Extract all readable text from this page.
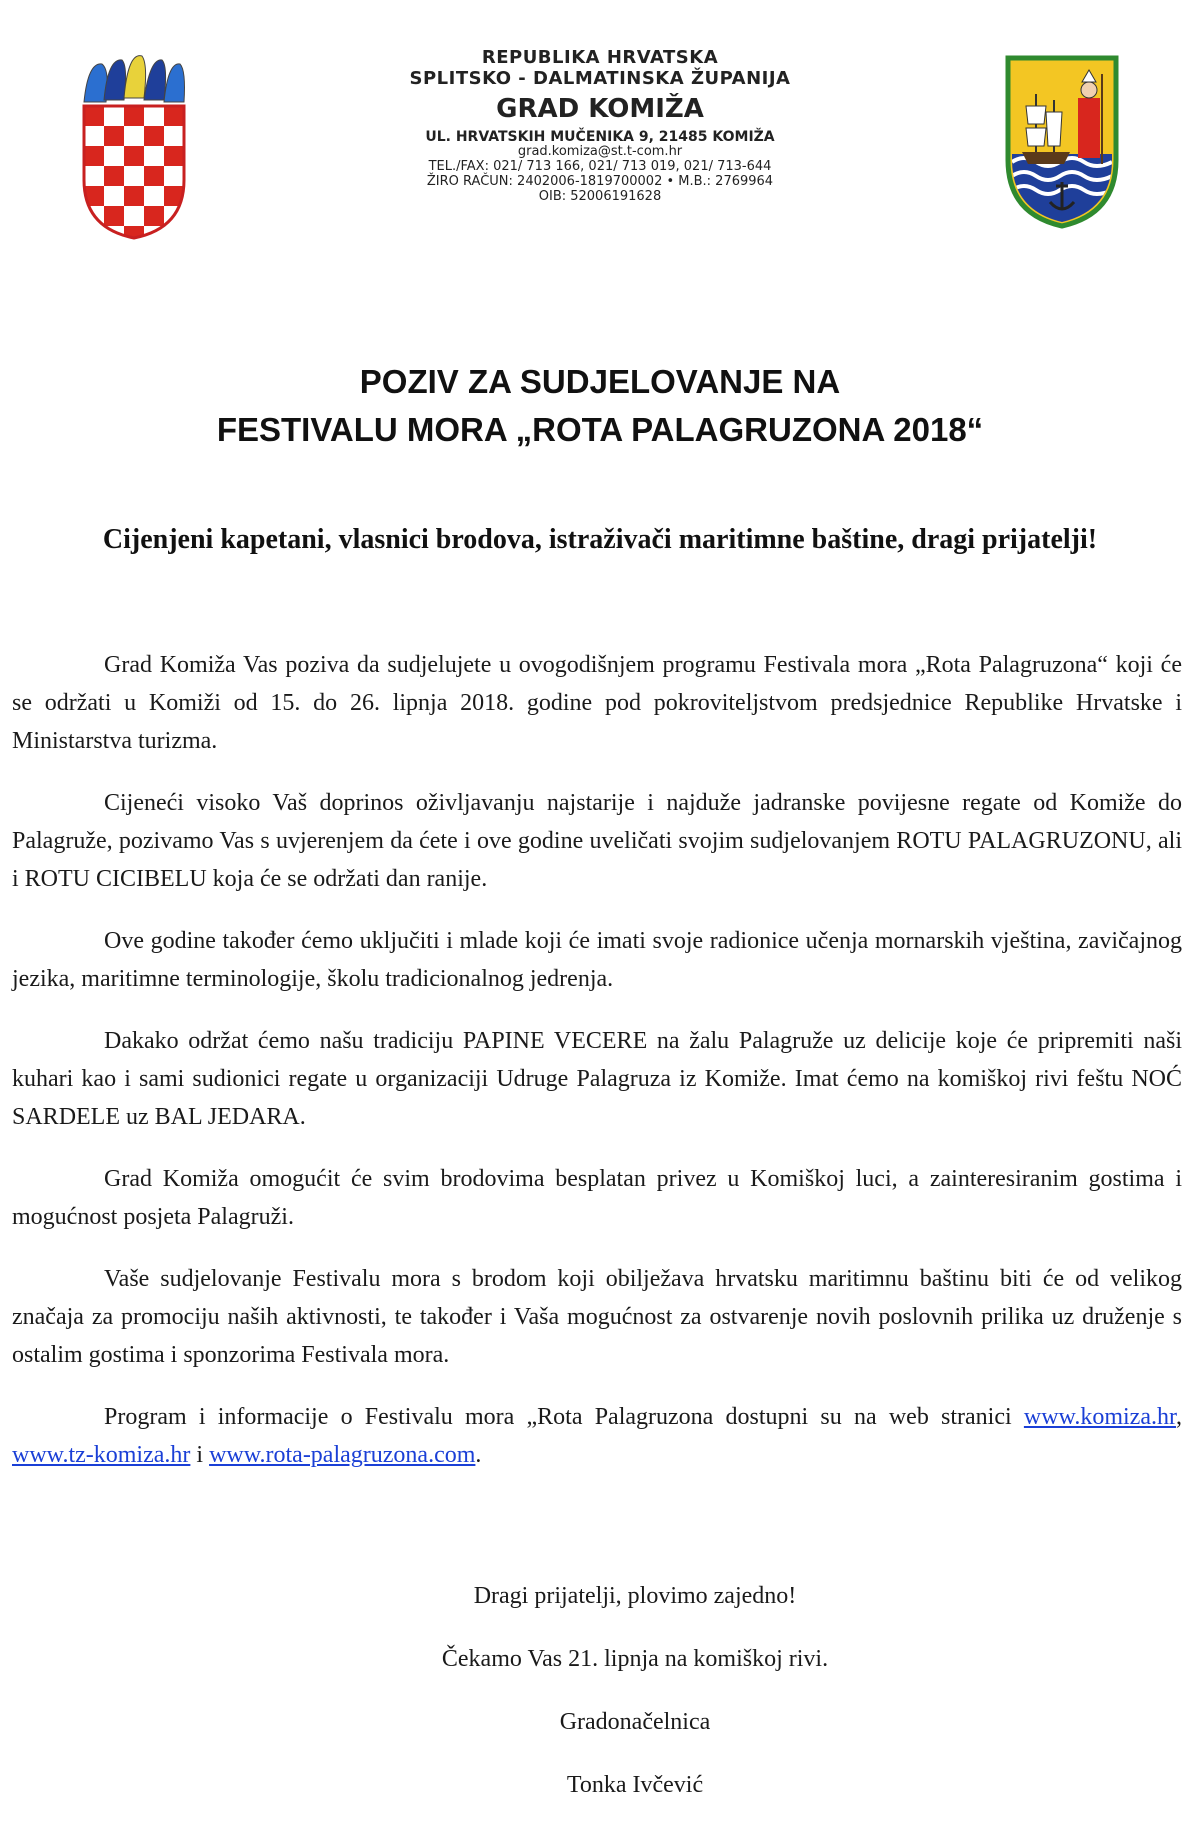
REPUBLIKA HRVATSKA
SPLITSKO - DALMATINSKA ŽUPANIJA
GRAD KOMIŽA
UL. HRVATSKIH MUČENIKA 9, 21485 KOMIŽA
grad.komiza@st.t-com.hr
TEL./FAX: 021/ 713 166, 021/ 713 019, 021/ 713-644
ŽIRO RAČUN: 2402006-1819700002 • M.B.: 2769964
OIB: 52006191628
POZIV ZA SUDJELOVANJE NA
FESTIVALU MORA „ROTA PALAGRUZONA 2018“
Cijenjeni kapetani, vlasnici brodova, istraživači maritimne baštine, dragi prijatelji!

Grad Komiža Vas poziva da sudjelujete u ovogodišnjem programu Festivala mora „Rota Palagruzona“ koji će se održati u Komiži od 15. do 26. lipnja 2018. godine pod pokroviteljstvom predsjednice Republike Hrvatske i Ministarstva turizma.

Cijeneći visoko Vaš doprinos oživljavanju najstarije i najduže jadranske povijesne regate od Komiže do Palagruže, pozivamo Vas s uvjerenjem da ćete i ove godine uveličati svojim sudjelovanjem ROTU PALAGRUZONU, ali i ROTU CICIBELU koja će se održati dan ranije.

Ove godine također ćemo uključiti i mlade koji će imati svoje radionice učenja mornarskih vještina, zavičajnog jezika, maritimne terminologije, školu tradicionalnog jedrenja.

Dakako održat ćemo našu tradiciju PAPINE VECERE na žalu Palagruže uz delicije koje će pripremiti naši kuhari kao i sami sudionici regate u organizaciji Udruge Palagruza iz Komiže. Imat ćemo na komiškoj rivi feštu NOĆ SARDELE uz BAL JEDARA.

Grad Komiža omogućit će svim brodovima besplatan privez u Komiškoj luci, a zainteresiranim gostima i mogućnost posjeta Palagruži.

Vaše sudjelovanje Festivalu mora s brodom koji obilježava hrvatsku maritimnu baštinu biti će od velikog značaja za promociju naših aktivnosti, te također i Vaša mogućnost za ostvarenje novih poslovnih prilika uz druženje s ostalim gostima i sponzorima Festivala mora.

Program i informacije o Festivalu mora „Rota Palagruzona dostupni su na web stranici www.komiza.hr, www.tz-komiza.hr i www.rota-palagruzona.com.

Dragi prijatelji, plovimo zajedno!

Čekamo Vas 21. lipnja na komiškoj rivi.

Gradonačelnica

Tonka Ivčević
